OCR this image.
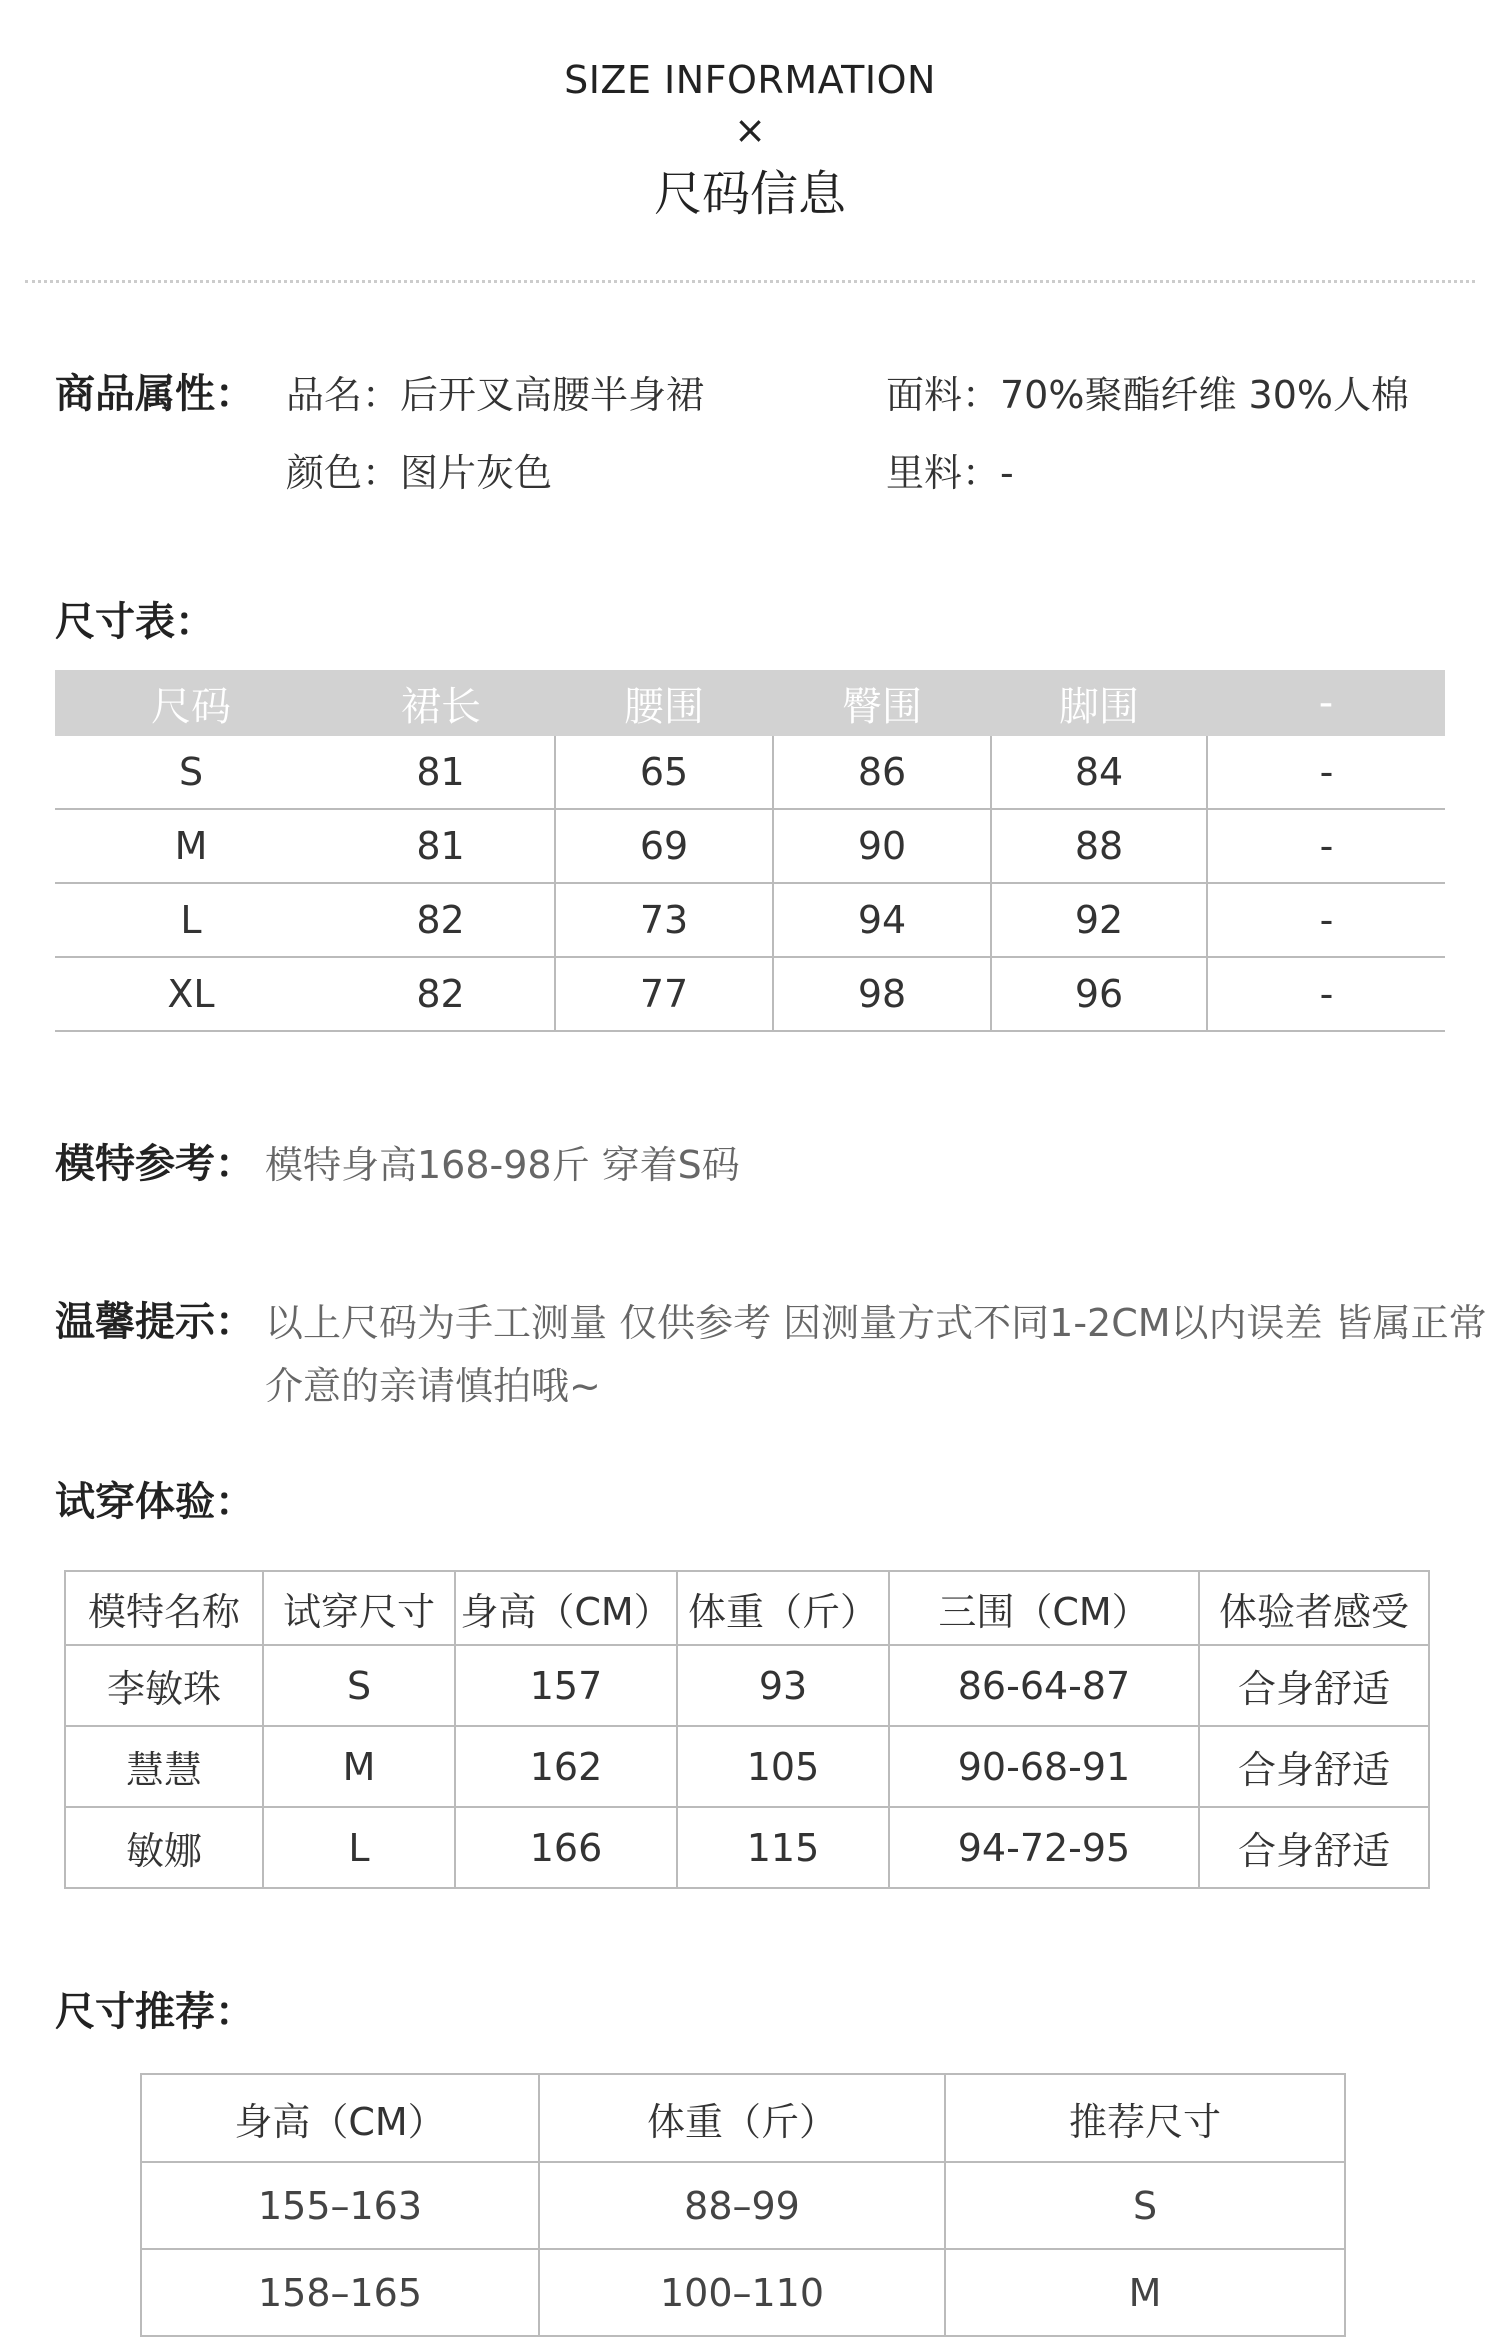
SIZE INFORMATION
×
尺码信息
商品属性： 品名：后开叉高腰半身裙	面料：70%聚酯纤维 30%人棉
颜色：图片灰色	里料：-
尺寸表：
尺码	裙长	腰围	臀围	脚围	-
S	81	65	86	84	-
M	81	69	90	88	-
L	82	73	94	92	-
XL	82	77	98	96	-
模特参考： 模特身高168-98斤 穿着S码
温馨提示： 以上尺码为手工测量 仅供参考 因测量方式不同1-2CM以内误差 皆属正常
介意的亲请慎拍哦~
试穿体验：
模特名称	试穿尺寸	身高（CM）	体重（斤）	三围（CM）	体验者感受
李敏珠	S	157	93	86-64-87	合身舒适
慧慧	M	162	105	90-68-91	合身舒适
敏娜	L	166	115	94-72-95	合身舒适
尺寸推荐：
身高（CM）	体重（斤）	推荐尺寸
155–163	88–99	S
158–165	100–110	M
